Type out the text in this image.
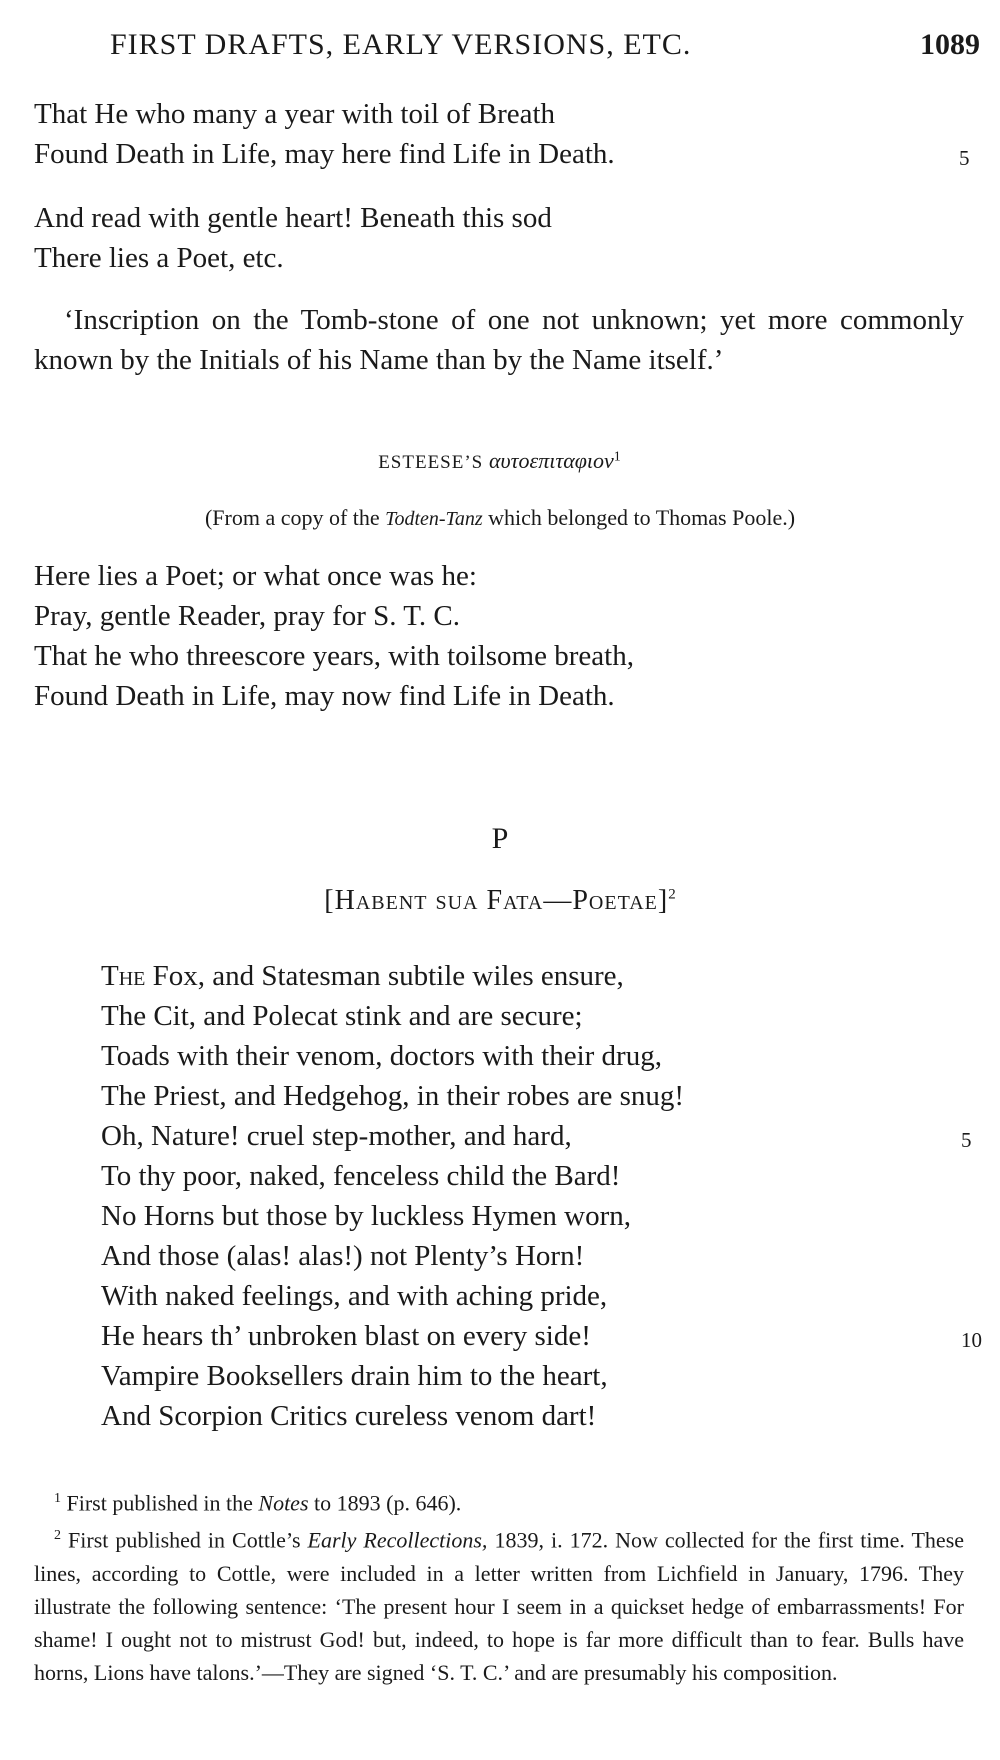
FIRST DRAFTS, EARLY VERSIONS, ETC.	1089
That He who many a year with toil of Breath
Found Death in Life, may here find Life in Death.	5
And read with gentle heart! Beneath this sod
There lies a Poet, etc.
‘Inscription on the Tomb-stone of one not unknown; yet more commonly known by the Initials of his Name than by the Name itself.’
ESTEESE’S αυτοεπιταφιον$^1$
(From a copy of the Todten-Tanz which belonged to Thomas Poole.)
Here lies a Poet; or what once was he:
Pray, gentle Reader, pray for S. T. C.
That he who threescore years, with toilsome breath,
Found Death in Life, may now find Life in Death.
P
[Habent sua Fata—Poetae]$^2$
The Fox, and Statesman subtile wiles ensure,
The Cit, and Polecat stink and are secure;
Toads with their venom, doctors with their drug,
The Priest, and Hedgehog, in their robes are snug!
Oh, Nature! cruel step-mother, and hard,	5
To thy poor, naked, fenceless child the Bard!
No Horns but those by luckless Hymen worn,
And those (alas! alas!) not Plenty’s Horn!
With naked feelings, and with aching pride,
He hears th’ unbroken blast on every side!	10
Vampire Booksellers drain him to the heart,
And Scorpion Critics cureless venom dart!

$^1$ First published in the Notes to 1893 (p. 646).

$^2$ First published in Cottle’s Early Recollections, 1839, i. 172. Now collected for the first time. These lines, according to Cottle, were included in a letter written from Lichfield in January, 1796. They illustrate the following sentence: ‘The present hour I seem in a quickset hedge of embarrassments! For shame! I ought not to mistrust God! but, indeed, to hope is far more difficult than to fear. Bulls have horns, Lions have talons.’—They are signed ‘S. T. C.’ and are presumably his composition.
